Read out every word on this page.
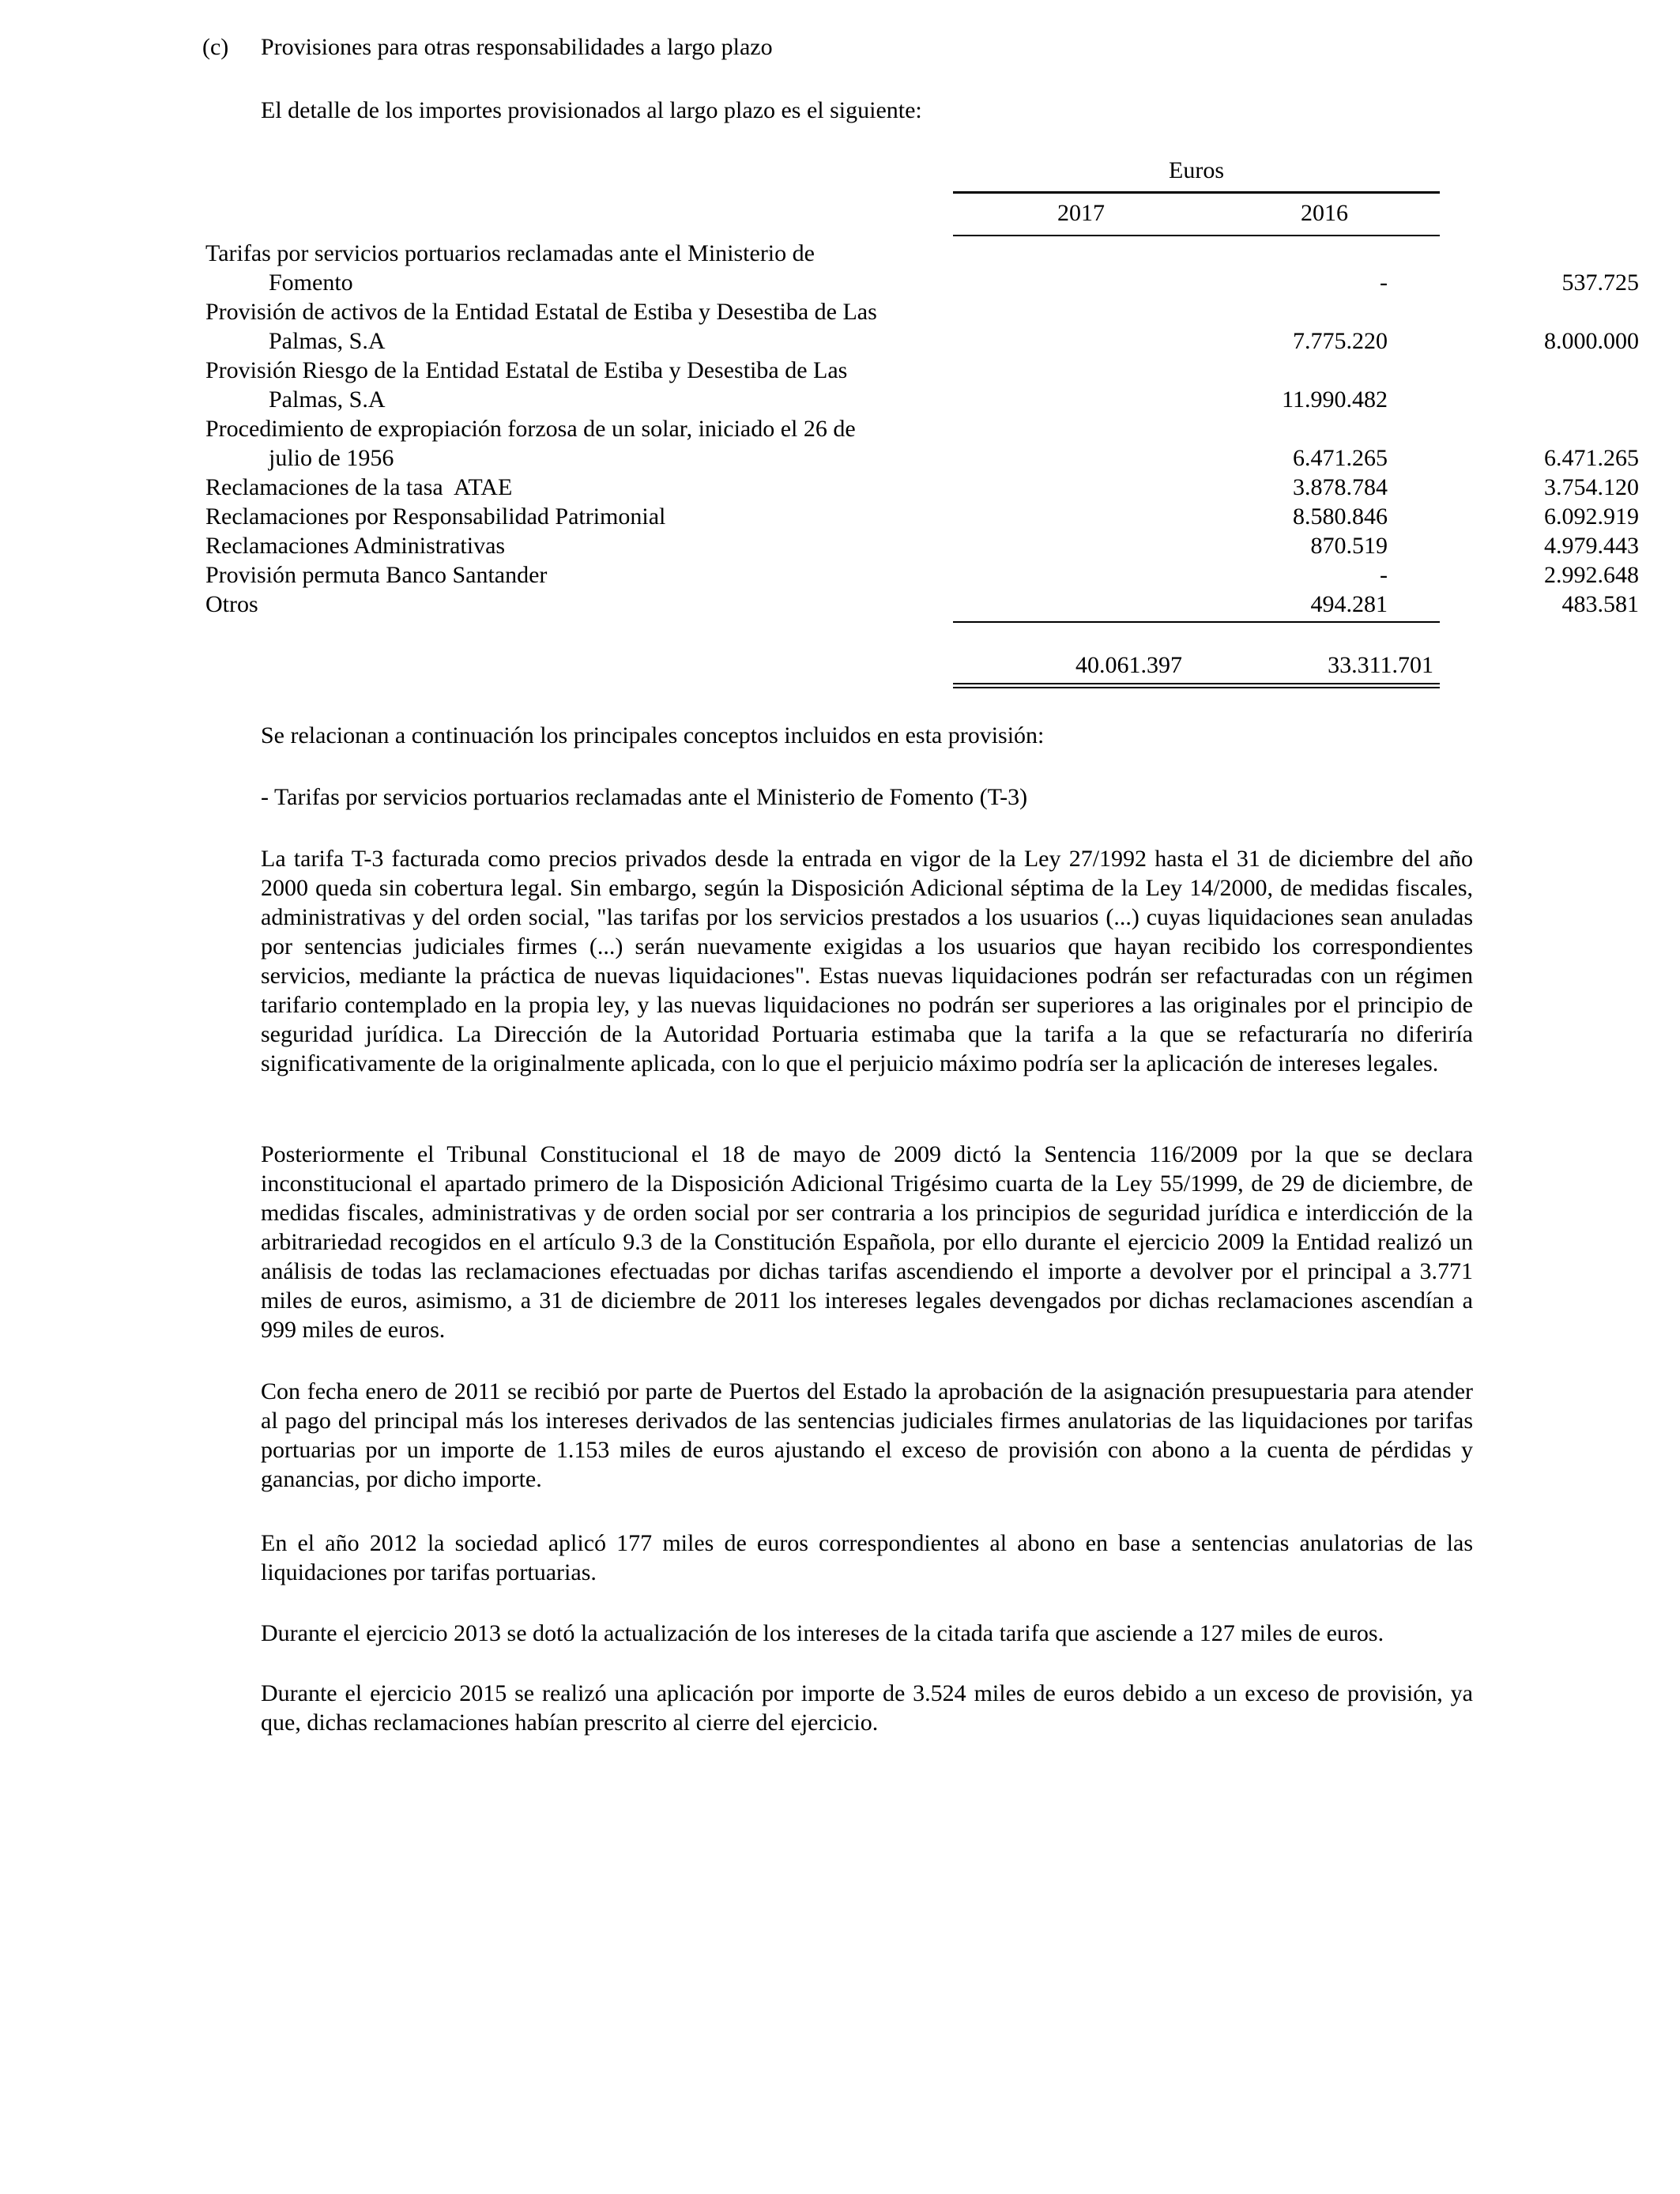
(c) Provisiones para otras responsabilidades a largo plazo
El detalle de los importes provisionados al largo plazo es el siguiente:
Euros
2017	2016
Tarifas por servicios portuarios reclamadas ante el Ministerio de
Fomento	-	537.725
Provisión de activos de la Entidad Estatal de Estiba y Desestiba de Las
Palmas, S.A	7.775.220	8.000.000
Provisión Riesgo de la Entidad Estatal de Estiba y Desestiba de Las
Palmas, S.A	11.990.482
Procedimiento de expropiación forzosa de un solar, iniciado el 26 de
julio de 1956	6.471.265	6.471.265
Reclamaciones de la tasa  ATAE	3.878.784	3.754.120
Reclamaciones por Responsabilidad Patrimonial	8.580.846	6.092.919
Reclamaciones Administrativas	870.519	4.979.443
Provisión permuta Banco Santander	-	2.992.648
Otros	494.281	483.581
40.061.397	33.311.701
Se relacionan a continuación los principales conceptos incluidos en esta provisión:
- Tarifas por servicios portuarios reclamadas ante el Ministerio de Fomento (T-3)
La tarifa T-3 facturada como precios privados desde la entrada en vigor de la Ley 27/1992 hasta el 31 de diciembre del año 2000 queda sin cobertura legal. Sin embargo, según la Disposición Adicional séptima de la Ley 14/2000, de medidas fiscales, administrativas y del orden social, "las tarifas por los servicios prestados a los usuarios (...) cuyas liquidaciones sean anuladas por sentencias judiciales firmes (...) serán nuevamente exigidas a los usuarios que hayan recibido los correspondientes servicios, mediante la práctica de nuevas liquidaciones". Estas nuevas liquidaciones podrán ser refacturadas con un régimen tarifario contemplado en la propia ley, y las nuevas liquidaciones no podrán ser superiores a las originales por el principio de seguridad jurídica. La Dirección de la Autoridad Portuaria estimaba que la tarifa a la que se refacturaría no diferiría significativamente de la originalmente aplicada, con lo que el perjuicio máximo podría ser la aplicación de intereses legales.
Posteriormente el Tribunal Constitucional el 18 de mayo de 2009 dictó la Sentencia 116/2009 por la que se declara inconstitucional el apartado primero de la Disposición Adicional Trigésimo cuarta de la Ley 55/1999, de 29 de diciembre, de medidas fiscales, administrativas y de orden social por ser contraria a los principios de seguridad jurídica e interdicción de la arbitrariedad recogidos en el artículo 9.3 de la Constitución Española, por ello durante el ejercicio 2009 la Entidad realizó un análisis de todas las reclamaciones efectuadas por dichas tarifas ascendiendo el importe a devolver por el principal a 3.771 miles de euros, asimismo, a 31 de diciembre de 2011 los intereses legales devengados por dichas reclamaciones ascendían a 999 miles de euros.
Con fecha enero de 2011 se recibió por parte de Puertos del Estado la aprobación de la asignación presupuestaria para atender al pago del principal más los intereses derivados de las sentencias judiciales firmes anulatorias de las liquidaciones por tarifas portuarias por un importe de 1.153 miles de euros ajustando el exceso de provisión con abono a la cuenta de pérdidas y ganancias, por dicho importe.
En el año 2012 la sociedad aplicó 177 miles de euros correspondientes al abono en base a sentencias anulatorias de las liquidaciones por tarifas portuarias.
Durante el ejercicio 2013 se dotó la actualización de los intereses de la citada tarifa que asciende a 127 miles de euros.
Durante el ejercicio 2015 se realizó una aplicación por importe de 3.524 miles de euros debido a un exceso de provisión, ya que, dichas reclamaciones habían prescrito al cierre del ejercicio.
